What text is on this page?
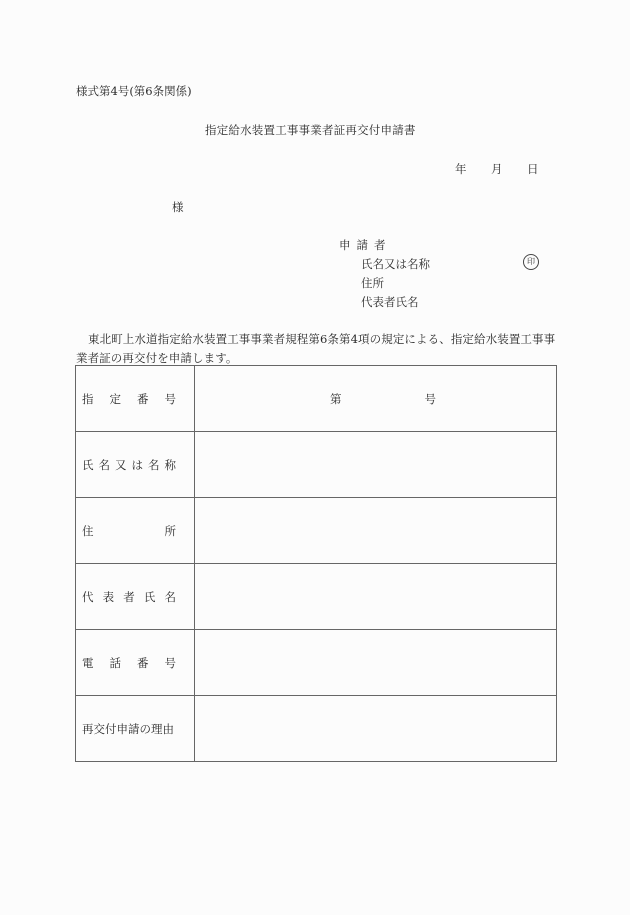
様式第4号(第6条関係)
指定給水装置工事事業者証再交付申請書
年 月 日
様
申請者
氏名又は名称	印
住所
代表者氏名
東北町上水道指定給水装置工事事業者規程第6条第4項の規定による、指定給水装置工事事業者証の再交付を申請します。
指 定 番 号	第 号

氏 名 又 は 名 称

住 所	

代 表 者 氏 名	

電 話 番 号	

再交付申請の理由	
